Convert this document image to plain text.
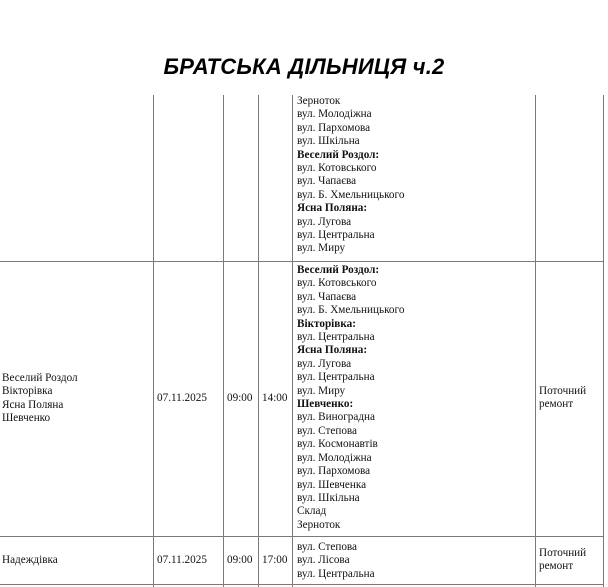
БРАТСЬКА ДІЛЬНИЦЯ ч.2
Зерноток
вул. Молодіжна
вул. Пархомова
вул. Шкільна
Веселий Роздол:
вул. Котовського
вул. Чапаєва
вул. Б. Хмельницького
Ясна Поляна:
вул. Лугова
вул. Центральна
вул. Миру
Веселий Роздол
Вікторівка
Ясна Поляна
Шевченко
07.11.2025 09:00 14:00
Веселий Роздол:
вул. Котовського
вул. Чапаєва
вул. Б. Хмельницького
Вікторівка:
вул. Центральна
Ясна Поляна:
вул. Лугова
вул. Центральна
вул. Миру
Шевченко:
вул. Виноградна
вул. Степова
вул. Космонавтів
вул. Молодіжна
вул. Пархомова
вул. Шевченка
вул. Шкільна
Склад
Зерноток
Поточний
ремонт
Надеждівка	07.11.2025 09:00 17:00
вул. Степова
вул. Лісова
вул. Центральна
Поточний
ремонт
